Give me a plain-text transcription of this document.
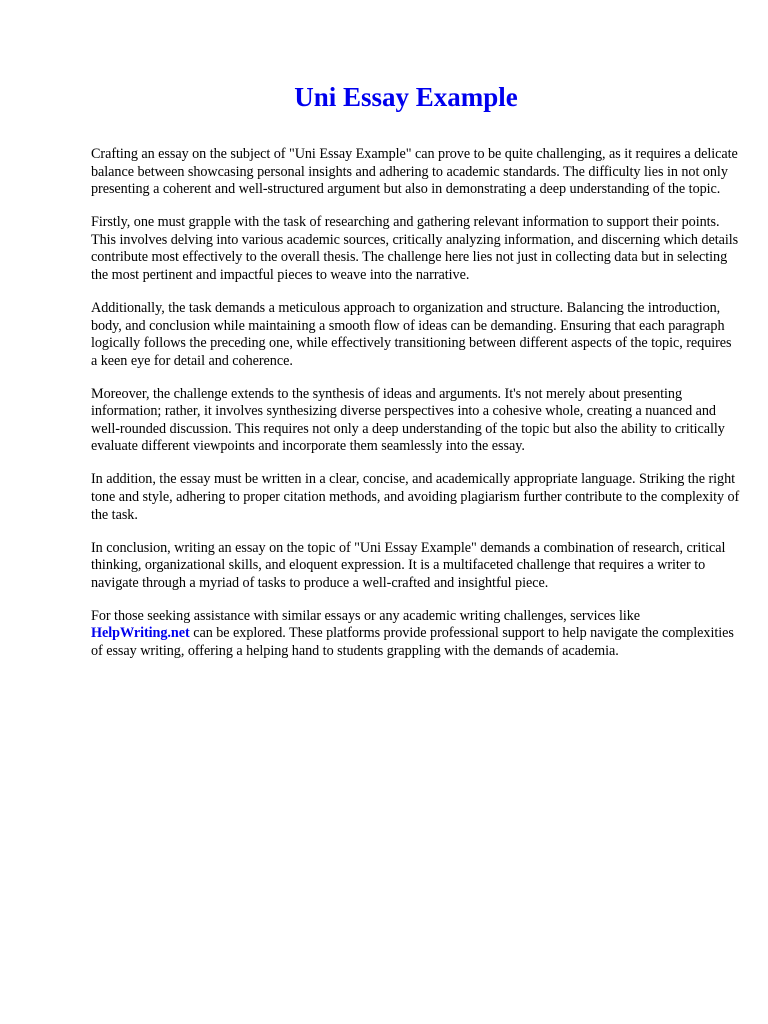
Uni Essay Example

Crafting an essay on the subject of "Uni Essay Example" can prove to be quite challenging, as it requires a delicate balance between showcasing personal insights and adhering to academic standards. The difficulty lies in not only presenting a coherent and well-structured argument but also in demonstrating a deep understanding of the topic.

Firstly, one must grapple with the task of researching and gathering relevant information to support their points. This involves delving into various academic sources, critically analyzing information, and discerning which details contribute most effectively to the overall thesis. The challenge here lies not just in collecting data but in selecting the most pertinent and impactful pieces to weave into the narrative.

Additionally, the task demands a meticulous approach to organization and structure. Balancing the introduction, body, and conclusion while maintaining a smooth flow of ideas can be demanding. Ensuring that each paragraph logically follows the preceding one, while effectively transitioning between different aspects of the topic, requires a keen eye for detail and coherence.

Moreover, the challenge extends to the synthesis of ideas and arguments. It's not merely about presenting information; rather, it involves synthesizing diverse perspectives into a cohesive whole, creating a nuanced and well-rounded discussion. This requires not only a deep understanding of the topic but also the ability to critically evaluate different viewpoints and incorporate them seamlessly into the essay.

In addition, the essay must be written in a clear, concise, and academically appropriate language. Striking the right tone and style, adhering to proper citation methods, and avoiding plagiarism further contribute to the complexity of the task.

In conclusion, writing an essay on the topic of "Uni Essay Example" demands a combination of research, critical thinking, organizational skills, and eloquent expression. It is a multifaceted challenge that requires a writer to navigate through a myriad of tasks to produce a well-crafted and insightful piece.

For those seeking assistance with similar essays or any academic writing challenges, services like HelpWriting.net can be explored. These platforms provide professional support to help navigate the complexities of essay writing, offering a helping hand to students grappling with the demands of academia.
